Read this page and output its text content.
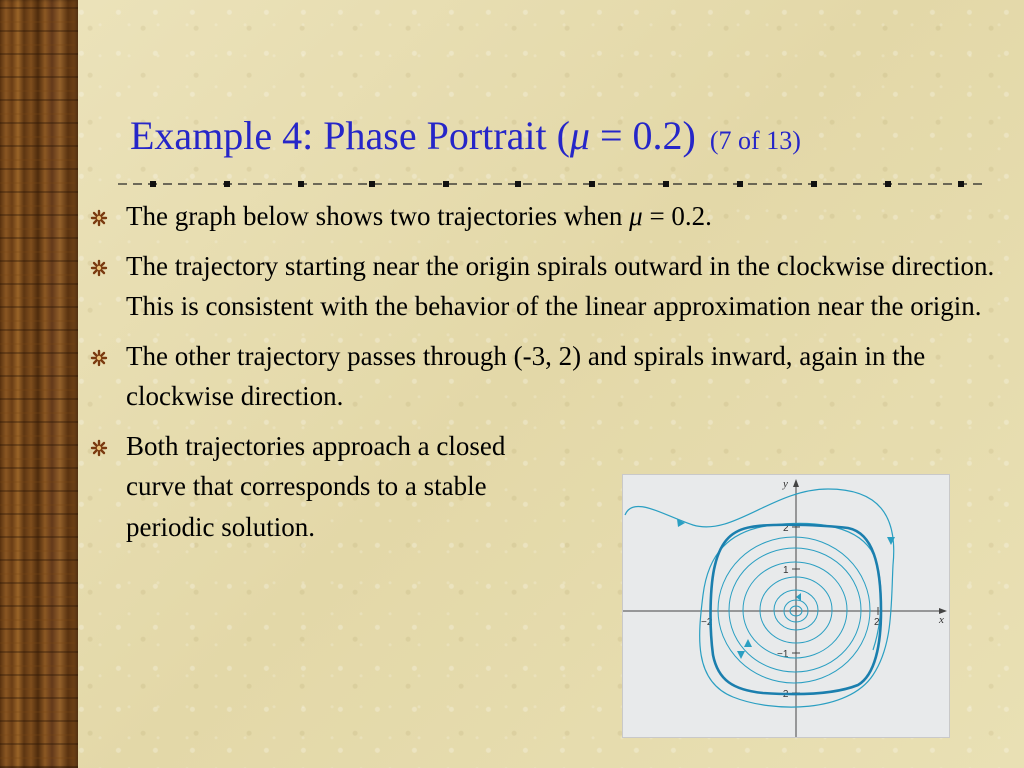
Example 4: Phase Portrait (μ = 0.2) (7 of 13)
The graph below shows two trajectories when μ = 0.2.
The trajectory starting near the origin spirals outward in the clockwise direction. This is consistent with the behavior of the linear approximation near the origin.
The other trajectory passes through (-3, 2) and spirals inward, again in the clockwise direction.
Both trajectories approach a closed curve that corresponds to a stable periodic solution.
−2	2
2
1
−1
−2
x
y
